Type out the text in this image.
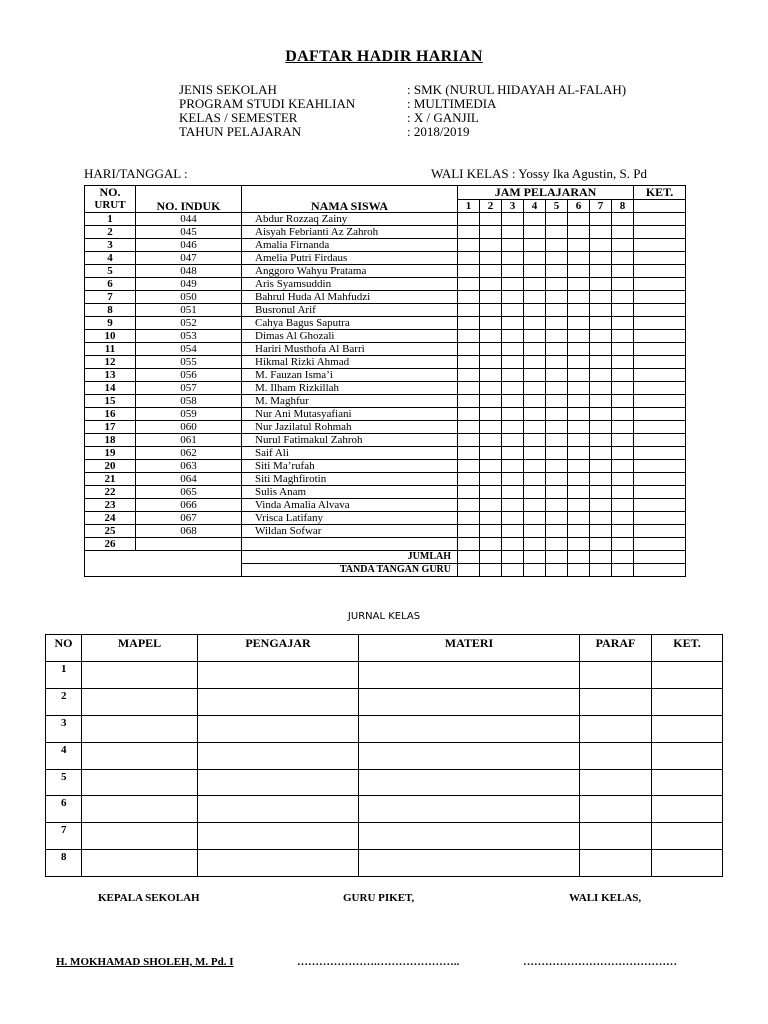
DAFTAR HADIR HARIAN
JENIS SEKOLAH	: SMK (NURUL HIDAYAH AL-FALAH)
PROGRAM STUDI KEAHLIAN	: MULTIMEDIA
KELAS / SEMESTER	: X / GANJIL
TAHUN PELAJARAN	: 2018/2019
HARI/TANGGAL :	WALI KELAS : Yossy Ika Agustin, S. Pd
NO.	NO. INDUK	NAMA SISWA	JAM PELAJARAN								KET.
URUT			1	2	3	4	5	6	7	8	
1	044	Abdur Rozzaq Zainy									
2	045	Aisyah Febrianti Az Zahroh									
3	046	Amalia Firnanda									
4	047	Amelia Putri Firdaus									
5	048	Anggoro Wahyu Pratama									
6	049	Aris Syamsuddin									
7	050	Bahrul Huda Al Mahfudzi									
8	051	Busronul Arif									
9	052	Cahya Bagus Saputra									
10	053	Dimas Al Ghozali									
11	054	Hariri Musthofa Al Barri									
12	055	Hikmal Rizki Ahmad									
13	056	M. Fauzan Isma’i									
14	057	M. Ilham Rizkillah									
15	058	M. Maghfur									
16	059	Nur Ani Mutasyafiani									
17	060	Nur Jazilatul Rohmah									
18	061	Nurul Fatimakul Zahroh									
19	062	Saif Ali									
20	063	Siti Ma’rufah									
21	064	Siti Maghfirotin									
22	065	Sulis Anam									
23	066	Vinda Amalia Alvava									
24	067	Vrisca Latifany									
25	068	Wildan Sofwar									
26											
		JUMLAH									
		TANDA TANGAN GURU									
JURNAL KELAS
NO	MAPEL	PENGAJAR	MATERI	PARAF	KET.
1					
2					
3					
4					
5					
6					
7					
8					
KEPALA SEKOLAH	GURU PIKET,	WALI KELAS,
H. MOKHAMAD SHOLEH, M. Pd. I	………………….…………………..	……………………………………
